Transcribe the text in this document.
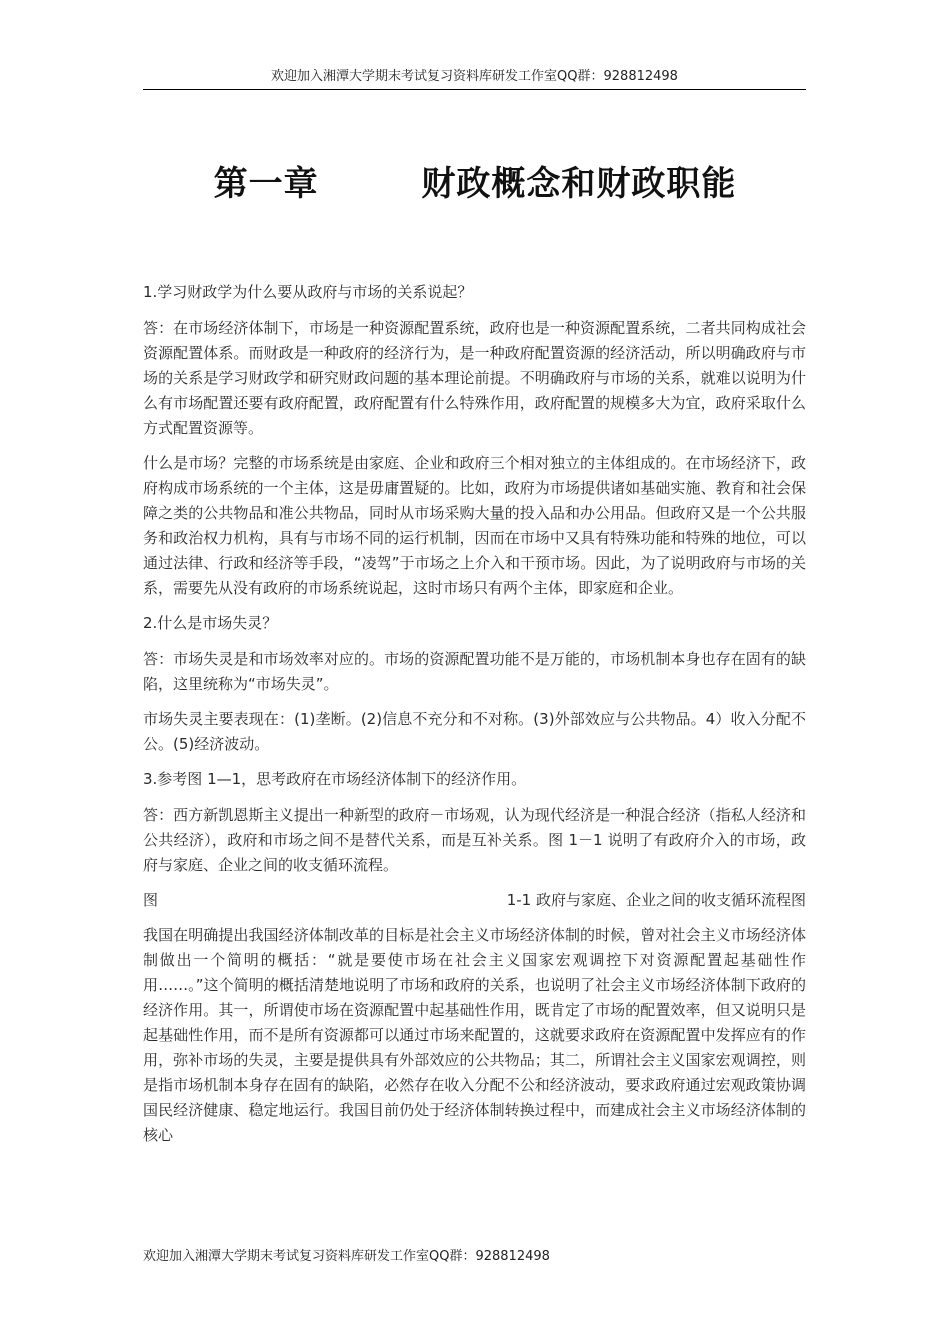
欢迎加入湘潭大学期末考试复习资料库研发工作室QQ群：928812498
第一章        财政概念和财政职能

1.学习财政学为什么要从政府与市场的关系说起？

答：在市场经济体制下，市场是一种资源配置系统，政府也是一种资源配置系统，二者共同构成社会资源配置体系。而财政是一种政府的经济行为，是一种政府配置资源的经济活动，所以明确政府与市场的关系是学习财政学和研究财政问题的基本理论前提。不明确政府与市场的关系，就难以说明为什么有市场配置还要有政府配置，政府配置有什么特殊作用，政府配置的规模多大为宜，政府采取什么方式配置资源等。

什么是市场？完整的市场系统是由家庭、企业和政府三个相对独立的主体组成的。在市场经济下，政府构成市场系统的一个主体，这是毋庸置疑的。比如，政府为市场提供诸如基础实施、教育和社会保障之类的公共物品和准公共物品，同时从市场采购大量的投入品和办公用品。但政府又是一个公共服务和政治权力机构，具有与市场不同的运行机制，因而在市场中又具有特殊功能和特殊的地位，可以通过法律、行政和经济等手段，“凌驾”于市场之上介入和干预市场。因此，为了说明政府与市场的关系，需要先从没有政府的市场系统说起，这时市场只有两个主体，即家庭和企业。

2.什么是市场失灵？

答：市场失灵是和市场效率对应的。市场的资源配置功能不是万能的，市场机制本身也存在固有的缺陷，这里统称为“市场失灵”。

市场失灵主要表现在：(1)垄断。(2)信息不充分和不对称。(3)外部效应与公共物品。4）收入分配不公。(5)经济波动。

3.参考图 1—1，思考政府在市场经济体制下的经济作用。

答：西方新凯恩斯主义提出一种新型的政府－市场观，认为现代经济是一种混合经济（指私人经济和公共经济），政府和市场之间不是替代关系，而是互补关系。图 1－1 说明了有政府介入的市场，政府与家庭、企业之间的收支循环流程。

图	1-1 政府与家庭、企业之间的收支循环流程图

我国在明确提出我国经济体制改革的目标是社会主义市场经济体制的时候，曾对社会主义市场经济体制做出一个简明的概括：“就是要使市场在社会主义国家宏观调控下对资源配置起基础性作用……。”这个简明的概括清楚地说明了市场和政府的关系，也说明了社会主义市场经济体制下政府的经济作用。其一，所谓使市场在资源配置中起基础性作用，既肯定了市场的配置效率，但又说明只是起基础性作用，而不是所有资源都可以通过市场来配置的，这就要求政府在资源配置中发挥应有的作用，弥补市场的失灵，主要是提供具有外部效应的公共物品；其二，所谓社会主义国家宏观调控，则是指市场机制本身存在固有的缺陷，必然存在收入分配不公和经济波动，要求政府通过宏观政策协调国民经济健康、稳定地运行。我国目前仍处于经济体制转换过程中，而建成社会主义市场经济体制的核心

欢迎加入湘潭大学期末考试复习资料库研发工作室QQ群：928812498
